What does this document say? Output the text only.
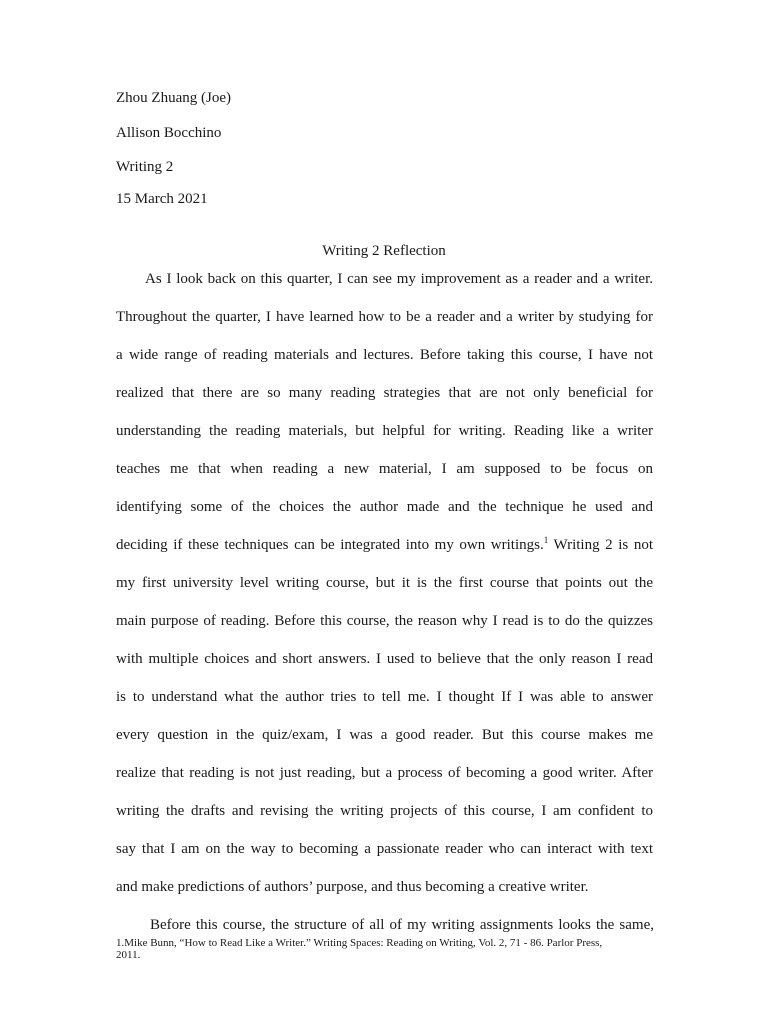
Zhou Zhuang (Joe)
Allison Bocchino
Writing 2
15 March 2021
Writing 2 Reflection
As I look back on this quarter, I can see my improvement as a reader and a writer.
Throughout the quarter, I have learned how to be a reader and a writer by studying for
a wide range of reading materials and lectures. Before taking this course, I have not
realized that there are so many reading strategies that are not only beneficial for
understanding the reading materials, but helpful for writing. Reading like a writer
teaches me that when reading a new material, I am supposed to be focus on
identifying some of the choices the author made and the technique he used and
deciding if these techniques can be integrated into my own writings.$^1$ Writing 2 is not
my first university level writing course, but it is the first course that points out the
main purpose of reading. Before this course, the reason why I read is to do the quizzes
with multiple choices and short answers. I used to believe that the only reason I read
is to understand what the author tries to tell me. I thought If I was able to answer
every question in the quiz/exam, I was a good reader. But this course makes me
realize that reading is not just reading, but a process of becoming a good writer. After
writing the drafts and revising the writing projects of this course, I am confident to
say that I am on the way to becoming a passionate reader who can interact with text
and make predictions of authors’ purpose, and thus becoming a creative writer.
Before this course, the structure of all of my writing assignments looks the same,
1.Mike Bunn, “How to Read Like a Writer.” Writing Spaces: Reading on Writing, Vol. 2, 71 - 86. Parlor Press,
2011.
